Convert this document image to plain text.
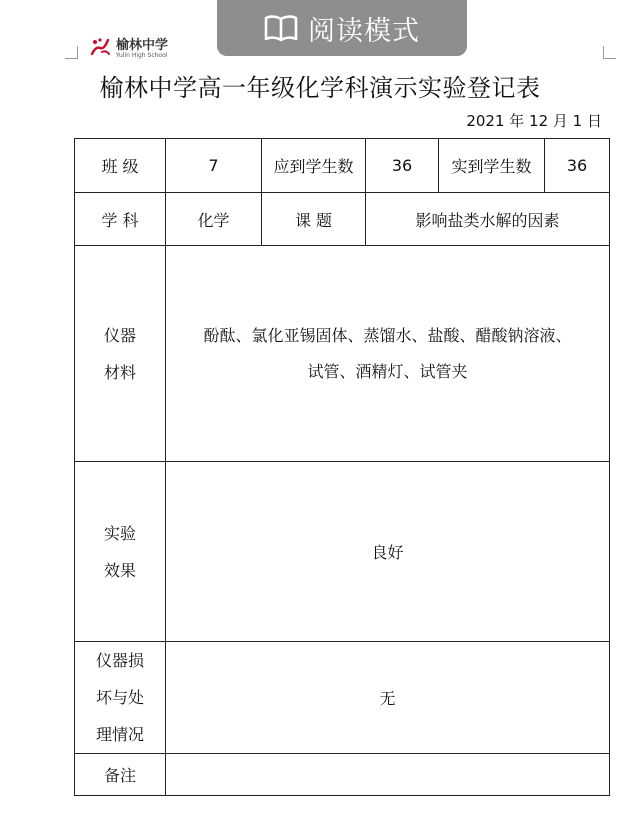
阅读模式
榆林中学
Yulin High School
榆林中学高一年级化学科演示实验登记表
2021 年 12 月 1 日
班 级	7	应到学生数	36	实到学生数	36
学 科	化学	课 题	影响盐类水解的因素		

仪器
材料	酚酞、氯化亚锡固体、蒸馏水、盐酸、醋酸钠溶液、
试管、酒精灯、试管夹				

实验
效果	良好				

仪器损
坏与处
理情况	无				
备注					
